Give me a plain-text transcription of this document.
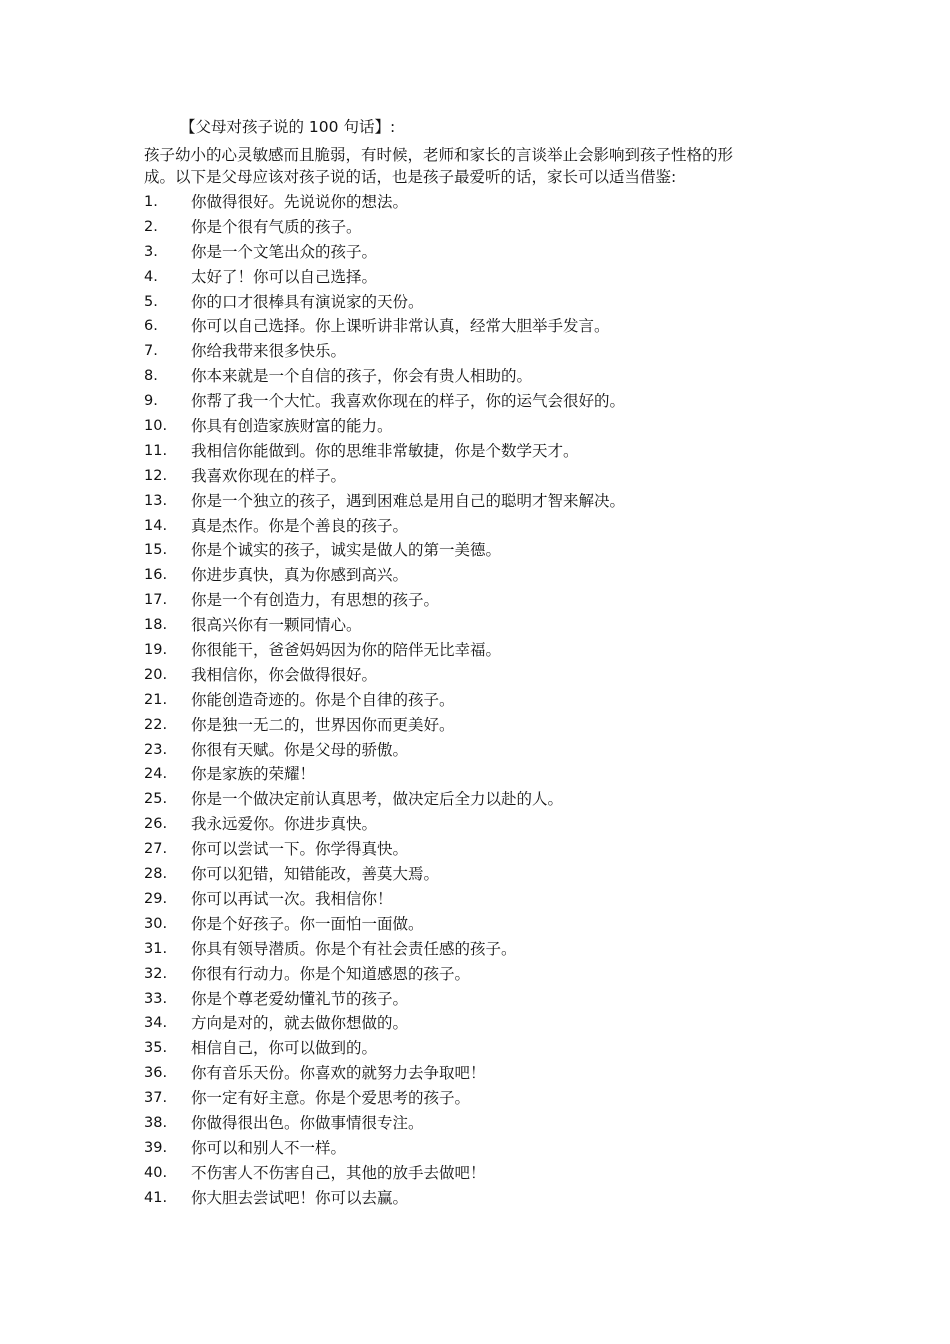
【父母对孩子说的 100 句话】:

孩子幼小的心灵敏感而且脆弱，有时候，老师和家长的言谈举止会影响到孩子性格的形

成。以下是父母应该对孩子说的话，也是孩子最爱听的话，家长可以适当借鉴:

1.	你做得很好。先说说你的想法。
2.	你是个很有气质的孩子。
3.	你是一个文笔出众的孩子。
4.	太好了！你可以自己选择。
5.	你的口才很棒具有演说家的天份。
6.	你可以自己选择。你上课听讲非常认真，经常大胆举手发言。
7.	你给我带来很多快乐。
8.	你本来就是一个自信的孩子，你会有贵人相助的。
9.	你帮了我一个大忙。我喜欢你现在的样子，你的运气会很好的。
10.	你具有创造家族财富的能力。
11.	我相信你能做到。你的思维非常敏捷，你是个数学天才。
12.	我喜欢你现在的样子。
13.	你是一个独立的孩子，遇到困难总是用自己的聪明才智来解决。
14.	真是杰作。你是个善良的孩子。
15.	你是个诚实的孩子，诚实是做人的第一美德。
16.	你进步真快，真为你感到高兴。
17.	你是一个有创造力，有思想的孩子。
18.	很高兴你有一颗同情心。
19.	你很能干，爸爸妈妈因为你的陪伴无比幸福。
20.	我相信你，你会做得很好。
21.	你能创造奇迹的。你是个自律的孩子。
22.	你是独一无二的，世界因你而更美好。
23.	你很有天赋。你是父母的骄傲。
24.	你是家族的荣耀！
25.	你是一个做决定前认真思考，做决定后全力以赴的人。
26.	我永远爱你。你进步真快。
27.	你可以尝试一下。你学得真快。
28.	你可以犯错，知错能改，善莫大焉。
29.	你可以再试一次。我相信你！
30.	你是个好孩子。你一面怕一面做。
31.	你具有领导潜质。你是个有社会责任感的孩子。
32.	你很有行动力。你是个知道感恩的孩子。
33.	你是个尊老爱幼懂礼节的孩子。
34.	方向是对的，就去做你想做的。
35.	相信自己，你可以做到的。
36.	你有音乐天份。你喜欢的就努力去争取吧！
37.	你一定有好主意。你是个爱思考的孩子。
38.	你做得很出色。你做事情很专注。
39.	你可以和别人不一样。
40.	不伤害人不伤害自己，其他的放手去做吧！
41.	你大胆去尝试吧！你可以去赢。
